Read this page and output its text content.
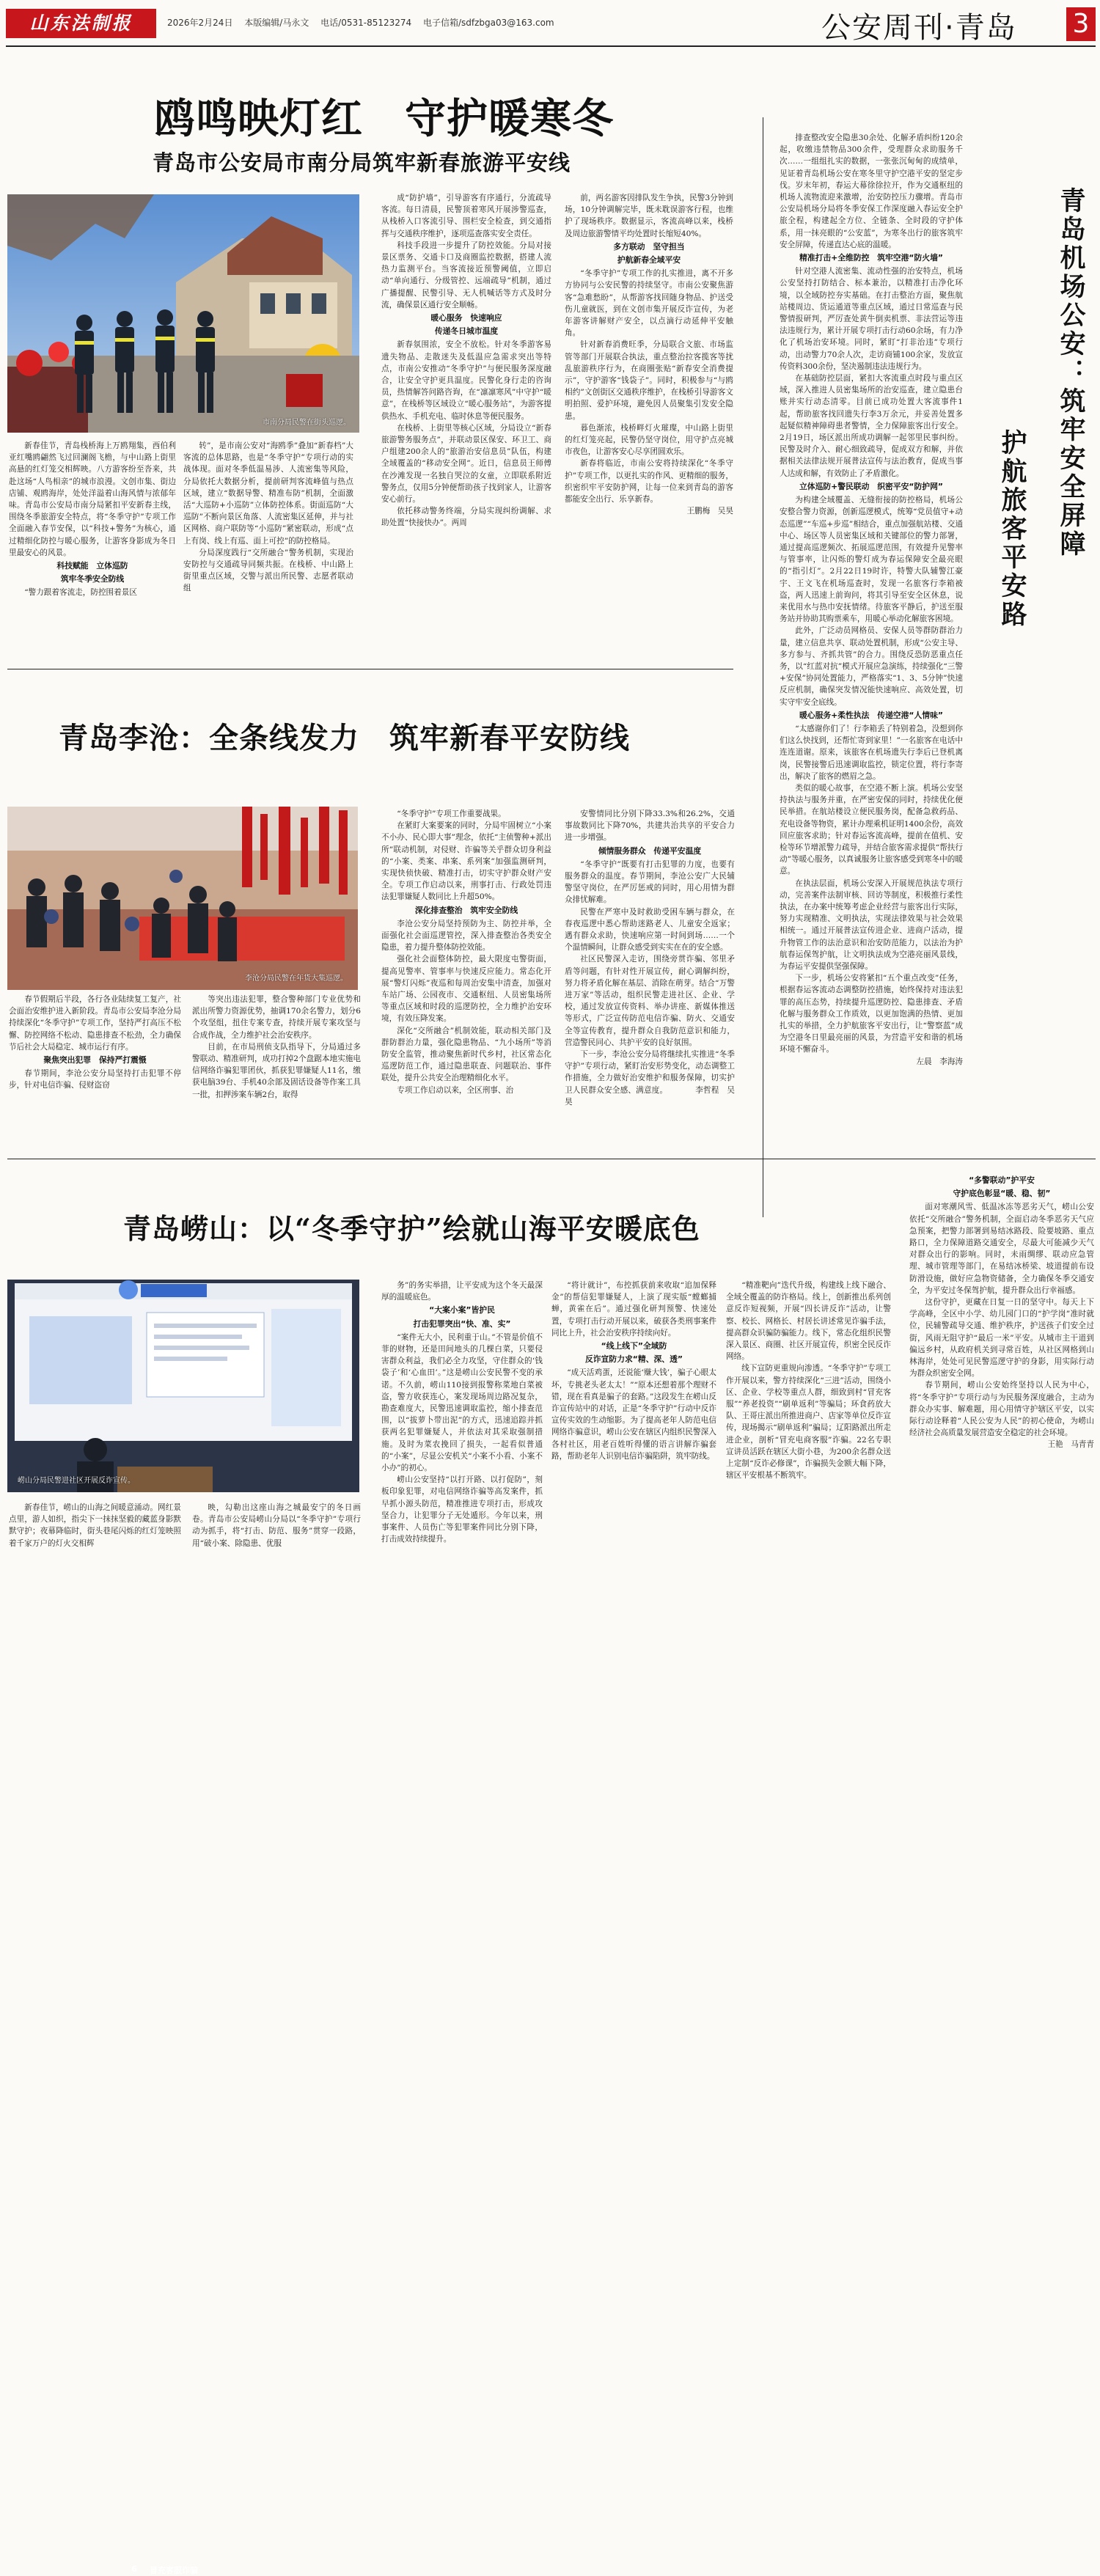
山东法制报	2026年2月24日  本版编辑/马永文  电话/0531-85123274  电子信箱/sdfzbga03@163.com	公安周刊·青岛 3
鸥鸣映灯红　守护暖寒冬
青岛市公安局市南分局筑牢新春旅游平安线
市南分局民警在街头巡逻。

新春佳节，青岛栈桥海上万鸥翔集，西伯利亚红嘴鸥翩然飞过回澜阁飞檐，与中山路上街里高悬的红灯笼交相辉映。八方游客纷至沓来，共赴这场“人鸟相亲”的城市浪漫。文创市集、街边店铺、观鸥海岸，处处洋溢着山海风情与浓郁年味。青岛市公安局市南分局紧扣平安新春主线，围绕冬季旅游安全特点，将“冬季守护”专项工作全面融入春节安保，以“科技+警务”为核心，通过精细化防控与暖心服务，让游客身影成为冬日里最安心的风景。

科技赋能　立体巡防

筑牢冬季安全防线

“警力跟着客流走，防控围着景区

转”，是市南公安对“海鸥季”叠加“新春档”大客流的总体思路，也是“冬季守护”专项行动的实战体现。面对冬季低温易涉、人流密集等风险，分局依托大数据分析，提前研判客流峰值与热点区域，建立“数据导警、精准布防”机制，全面激活“大巡防+小巡防”立体防控体系。街面巡防“大巡防”不断向景区角落、人流密集区延伸，并与社区网格、商户联防等“小巡防”紧密联动，形成“点上有岗、线上有巡、面上可控”的防控格局。

分局深度践行“交所融合”警务机制，实现治安防控与交通疏导同频共振。在栈桥、中山路上街里重点区域，交警与派出所民警、志愿者联动组

成“防护墙”，引导游客有序通行，分流疏导客流。每日清晨，民警顶着寒风开展涉警巡查，从栈桥入口客流引导、围栏安全检查，到交通指挥与交通秩序维护，逐项巡查落实安全责任。

科技手段进一步提升了防控效能。分局对接景区票务、交通卡口及商圈监控数据，搭建人流热力监测平台。当客流接近预警阈值，立即启动“单向通行、分级管控、远端疏导”机制，通过广播提醒、民警引导、无人机喊话等方式及时分流，确保景区通行安全顺畅。

暖心服务　快速响应

传递冬日城市温度

新春氛围浓，安全不放松。针对冬季游客易遗失物品、走散迷失及低温应急需求突出等特点，市南公安推动“冬季守护”与便民服务深度融合，让安全守护更具温度。民警化身行走的咨询员，热情解答问路咨询，在“凛凛寒风”中守护“暖意”，在栈桥等区域设立“暖心服务站”，为游客提供热水、手机充电、临时休息等便民服务。

在栈桥、上街里等核心区域，分局设立“新春旅游警务服务点”，并联动景区保安、环卫工、商户组建200余人的“旅游治安信息员”队伍，构建全域覆盖的“移动安全网”。近日，信息员王师傅在沙滩发现一名独自哭泣的女童，立即联系附近警务点，仅用5分钟便帮助孩子找到家人，让游客安心前行。

依托移动警务终端，分局实现纠纷调解、求助处置“快接快办”。两周

前，两名游客因排队发生争执，民警3分钟到场，10分钟调解完毕，既未耽误游客行程，也维护了现场秩序。数据显示，客流高峰以来，栈桥及周边旅游警情平均处置时长缩短40%。

多方联动　坚守担当

护航新春全域平安

“冬季守护”专项工作的扎实推进，离不开多方协同与公安民警的持续坚守。市南公安聚焦游客“急难愁盼”，从帮游客找回随身物品、护送受伤儿童就医，到在文创市集开展反诈宣传，为老年游客讲解财产安全，以点滴行动延伸平安触角。

针对新春消费旺季，分局联合文旅、市场监管等部门开展联合执法，重点整治拉客揽客等扰乱旅游秩序行为，在商圈张贴“新春安全消费提示”，守护游客“钱袋子”。同时，积极参与“与鸥相约”文创街区交通秩序维护，在栈桥引导游客文明拍照、爱护环境，避免因人员聚集引发安全隐患。

暮色渐浓，栈桥畔灯火璀璨，中山路上街里的红灯笼亮起，民警仍坚守岗位，用守护点亮城市夜色，让游客安心尽享团圆欢乐。

新春将临近，市南公安将持续深化“冬季守护”专项工作，以更扎实的作风、更精细的服务，织密织牢平安防护网，让每一位来到青岛的游客都能安全出行、乐享新春。

王鹏梅　吴昊

排查整改安全隐患30余处、化解矛盾纠纷120余起，收缴违禁物品300余件，受理群众求助服务千次……一组组扎实的数据，一张张沉甸甸的成绩单，见证着青岛机场公安在寒冬里守护空港平安的坚定步伐。岁末年初，春运大幕徐徐拉开，作为交通枢纽的机场人流物流迎来激增，治安防控压力骤增。青岛市公安局机场分局将冬季安保工作深度融入春运安全护旅全程，构建起全方位、全链条、全时段的守护体系，用一抹亮眼的“公安蓝”，为寒冬出行的旅客筑牢安全屏障，传递直达心底的温暖。

精准打击+全维防控　筑牢空港“防火墙”

针对空港人流密集、流动性强的治安特点，机场公安坚持打防结合、标本兼治，以精准打击净化环境，以全域防控夯实基础。在打击整治方面，聚焦航站楼周边、货运通道等重点区域，通过日常巡查与民警情报研判，严厉查处黄牛倒卖机票、非法营运等违法违规行为，累计开展专项打击行动60余场，有力净化了机场治安环境。同时，紧盯“打非治违”专项行动，出动警力70余人次，走访商铺100余家，发放宣传资料300余份，坚决遏制违法违规行为。

在基础防控层面，紧扣大客流重点时段与重点区域，深入推进人员密集场所的治安巡查，建立隐患台账并实行动态清零。目前已成功处置大客流事件1起，帮助旅客找回遗失行李3万余元，并妥善处置多起疑似精神障碍患者警情，全力保障旅客出行安全。2月19日，场区派出所成功调解一起邻里民事纠纷。民警及时介入、耐心细致疏导，促成双方和解，并依据相关法律法规开展普法宣传与法治教育，促成当事人达成和解，有效防止了矛盾激化。

立体巡防+警民联动　织密平安“防护网”

为构建全域覆盖、无缝衔接的防控格局，机场公安整合警力资源，创新巡逻模式，统筹“党员值守+动态巡逻”“车巡+步巡”相结合，重点加强航站楼、交通中心、场区等人员密集区域和关键部位的警力部署，通过提高巡逻频次、拓展巡逻范围，有效提升见警率与管事率，让闪烁的警灯成为春运保障安全最亮眼的“指引灯”。2月22日19时许，特警大队辅警江豪宇、王文飞在机场巡查时，发现一名旅客行李箱被盗，两人迅速上前询问，将其引导至安全区休息，说来优用水与热巾安抚情绪。待旅客平静后，护送至服务站并协助其购票乘车，用暖心举动化解旅客困境。

此外，广泛动员网格员、安保人员等群防群治力量，建立信息共享、联动处置机制，形成“公安主导、多方参与、齐抓共管”的合力。围绕反恐防恶重点任务，以“红蓝对抗”模式开展应急演练，持续强化“三警+安保”协同处置能力，严格落实“1、3、5分钟”快速反应机制，确保突发情况能快速响应、高效处置，切实守牢安全底线。

暖心服务+柔性执法　传递空港“人情味”

“太感谢你们了！行李箱丢了特别着急，没想到你们这么快找到，还帮忙寄到家里！”一名旅客在电话中连连道谢。原来，该旅客在机场遗失行李后已登机离岗，民警接警后迅速调取监控，锁定位置，将行李寄出，解决了旅客的燃眉之急。

类似的暖心故事，在空港不断上演。机场公安坚持执法与服务并重，在严密安保的同时，持续优化便民举措。在航站楼设立便民服务岗，配备急救药品、充电设备等物资，累计办理乘机证明1400余份，高效回应旅客求助；针对春运客流高峰，提前在值机、安检等环节增派警力疏导，并结合旅客需求提供“帮扶行动”等暖心服务，以真诚服务让旅客感受到寒冬中的暖意。

在执法层面，机场公安深入开展规范执法专项行动，完善案件法制审核、回访等制度，积极推行柔性执法，在办案中统筹考虑企业经营与旅客出行实际，努力实现精准、文明执法，实现法律效果与社会效果相统一。通过开展普法宣传进企业、进商户活动，提升物管工作的法治意识和治安防范能力，以法治为护航春运保驾护航，让文明执法成为空港亮丽风景线，为春运平安提供坚强保障。

下一步，机场公安将紧扣“五个重点改变”任务，根据春运客流动态调整防控措施，始终保持对违法犯罪的高压态势，持续提升巡逻防控、隐患排查、矛盾化解与服务群众工作质效，以更加饱满的热情、更加扎实的举措，全力护航旅客平安出行，让“警察蓝”成为空港冬日里最亮丽的风景，为营造平安和谐的机场环境不懈奋斗。

左晨　李海涛

青岛机场公安：筑牢安全屏障
护航旅客平安路
青岛李沧：全条线发力　筑牢新春平安防线
李沧分局民警在年货大集巡逻。

春节假期后半段，各行各业陆续复工复产，社会面治安维护进入新阶段。青岛市公安局李沧分局持续深化“冬季守护”专项工作，坚持严打高压不松懈、防控网络不松动、隐患排查不松劲，全力确保节后社会大局稳定、城市运行有序。

聚焦突出犯罪　保持严打震慑

春节期间，李沧公安分局坚持打击犯罪不停步，针对电信诈骗、侵财盗窃

等突出违法犯罪，整合警种部门专业优势和派出所警力资源优势，抽调170余名警力，划分6个攻坚组，扭住专案专查，持续开展专案攻坚与合成作战，全力维护社会治安秩序。

目前，在市局刑侦支队指导下，分局通过多警联动、精准研判，成功打掉2个盘踞本地实施电信网络诈骗犯罪团伙，抓获犯罪嫌疑人11名，缴获电脑39台、手机40余部及固话设备等作案工具一批，扣押涉案车辆2台，取得

“冬季守护”专项工作重要战果。

在紧盯大案要案的同时，分局牢固树立“小案不小办、民心即大事”理念，依托“主侦警种+派出所”联动机制，对侵财、诈骗等关乎群众切身利益的“小案、类案、串案、系列案”加强监测研判，实现快侦快破、精准打击，切实守护群众财产安全。专项工作启动以来，刑事打击、行政处罚违法犯罪嫌疑人数同比上升超50%。

深化排查整治　筑牢安全防线

李沧公安分局坚持预防为主、防控并举，全面强化社会面巡逻管控，深入排查整治各类安全隐患，着力提升整体防控效能。

强化社会面整体防控，最大限度屯警街面，提高见警率、管事率与快速反应能力。常态化开展“警灯闪烁”夜巡和每周治安集中清查，加强对车站广场、公园夜市、交通枢纽、人员密集场所等重点区域和时段的巡逻防控，全力维护治安环境，有效压降发案。

深化“交所融合”机制效能，联动相关部门及群防群治力量，强化隐患物品、“九小场所”等消防安全监管，推动聚焦新时代乡村，社区常态化巡逻防范工作，通过隐患联查、问题联治、事件联处，提升公共安全治理精细化水平。

专项工作启动以来，全区刑事、治

安警情同比分别下降33.3%和26.2%，交通事故数同比下降70%，共建共治共享的平安合力进一步增强。

倾情服务群众　传递平安温度

“冬季守护”既要有打击犯罪的力度，也要有服务群众的温度。春节期间，李沧公安广大民辅警坚守岗位，在严厉惩戒的同时，用心用情为群众排忧解难。

民警在严寒中及时救助受困车辆与群众，在春夜巡逻中悉心帮助迷路老人、儿童安全返家；遇有群众求助，快速响应第一时间到场……一个个温情瞬间，让群众感受到实实在在的安全感。

社区民警深入走访，围绕旁贯诈骗、邻里矛盾等问题，有针对性开展宣传，耐心调解纠纷，努力将矛盾化解在基层、消除在萌芽。结合“万警进万家”等活动，组织民警走进社区、企业、学校，通过发放宣传资料、举办讲座、新媒体推送等形式，广泛宣传防范电信诈骗、防火、交通安全等宣传教育，提升群众自我防范意识和能力，营造警民同心、共护平安的良好氛围。

下一步，李沧公安分局将继续扎实推进“冬季守护”专项行动，紧盯治安形势变化，动态调整工作措施，全力做好治安维护和服务保障，切实护卫人民群众安全感、满意度。　　　　李哲程　吴昊

青岛崂山：以“冬季守护”绘就山海平安暖底色
6	冒充客服诈骗
崂山分局民警进社区开展反诈宣传。

新春佳节，崂山的山海之间暖意涌动。网红景点里，游人如织，指尖下一抹抹坚毅的藏蓝身影默默守护；夜幕降临时，街头巷尾闪烁的红灯笼映照着千家万户的灯火交相辉

映，勾勒出这座山海之城最安宁的冬日画卷。青岛市公安局崂山分局以“冬季守护”专项行动为抓手，将“打击、防范、服务”贯穿一段路，用“破小案、除隐患、优服

务”的务实举措，让平安成为这个冬天最深厚的温暖底色。

“大案小案”皆护民

打击犯罪突出“快、准、实”

“案件无大小，民利重于山。”不管是价值不菲的财物，还是田间地头的几棵白菜，只要侵害群众利益，我们必全力攻坚，守住群众的‘钱袋子’和‘心血田’。”这是崂山公安民警不变的承诺。不久前，崂山110接到报警称菜地白菜被盗，警方收获连心，案发现场周边路况复杂，勘查难度大，民警迅速调取监控，缩小排查范围，以“拔萝卜带出泥”的方式，迅速追踪并抓获两名犯罪嫌疑人，并依法对其采取强制措施。及时为菜农挽回了损失，一起看似普通的“小案”，尽显公安机关“小案不小看、小案不小办”的初心。

崂山公安坚持“以打开路、以打促防”，刻板印象犯罪，对电信网络诈骗等高发案件，抓早抓小源头防范，精准推进专项打击，形成攻坚合力，让犯罪分子无处遁形。今年以来，刑事案件、人员伤亡等犯罪案件同比分别下降，打击成效持续提升。

“将计就计”，布控抓获前来收取“追加保释金”的帮信犯罪嫌疑人，上演了现实版“螳螂捕蝉，黄雀在后”。通过强化研判预警、快速处置，专项打击行动开展以来，破获各类刑事案件同比上升，社会治安秩序持续向好。

“线上线下”全域防

反诈宣防力求“精、深、透”

“成天活鸡蛋，还说能‘赚大钱’，骗子心眼太坏，专挑老头老太太！”“原本还想着那个理财不错，现在看真是骗子的套路。”这段发生在崂山反诈宣传站中的对话，正是“冬季守护”行动中反诈宣传实效的生动缩影。为了提高老年人防范电信网络诈骗意识，崂山公安在辖区内组织民警深入各村社区，用老百姓听得懂的语言讲解诈骗套路，帮助老年人识别电信诈骗陷阱，筑牢防线。

“精准靶向”迭代升级，构建线上线下融合、全域全覆盖的防诈格局。线上，创新推出系列创意反诈短视频，开展“四长讲反诈”活动，让警察、校长、网格长、村居长讲述常见诈骗手法，提高群众识骗防骗能力。线下，常态化组织民警深入景区、商圈、社区开展宣传，织密全民反诈网络。

线下宣防更重规向渗透。“冬季守护”专项工作开展以来，警方持续深化“三进”活动，围绕小区、企业、学校等重点人群，细致到村“冒充客服”“养老投资”“刷单返利”等骗局；环食药放大队、王哥庄派出所推进商户、店家等单位反诈宣传，现场揭示“刷单返利”骗局；辽阳路派出所走进企业，剖析“冒充电商客服”诈骗。22名专职宣讲员活跃在辖区大街小巷，为200余名群众送上定制“反诈必修课”，诈骗损失金额大幅下降，辖区平安根基不断筑牢。

“多警联动”护平安

守护底色彰显“暖、稳、韧”

面对寒潮风雪、低温冰冻等恶劣天气，崂山公安依托“交所融合”警务机制，全面启动冬季恶劣天气应急预案，把警力部署到易结冰路段、险要坡路、重点路口，全力保障道路交通安全，尽最大可能减少天气对群众出行的影响。同时，未雨绸缪、联动应急管理、城市管理等部门，在易结冰桥梁、坡道提前布设防滑设施，做好应急物资储备，全力确保冬季交通安全，为平安过冬保驾护航，提升群众出行幸福感。

这份守护，更藏在日复一日的坚守中。每天上下学高峰，全区中小学、幼儿园门口的“护学岗”准时就位，民辅警疏导交通、维护秩序，护送孩子们安全过街，风雨无阻守护“最后一米”平安。从城市主干道到偏远乡村，从政府机关到寻常百姓，从社区网格到山林海岸，处处可见民警巡逻守护的身影，用实际行动为群众织密安全网。

春节期间，崂山公安始终坚持以人民为中心，将“冬季守护”专项行动与为民服务深度融合，主动为群众办实事、解难题，用心用情守护辖区平安，以实际行动诠释着“人民公安为人民”的初心使命，为崂山经济社会高质量发展营造安全稳定的社会环境。

王艳　马青青
